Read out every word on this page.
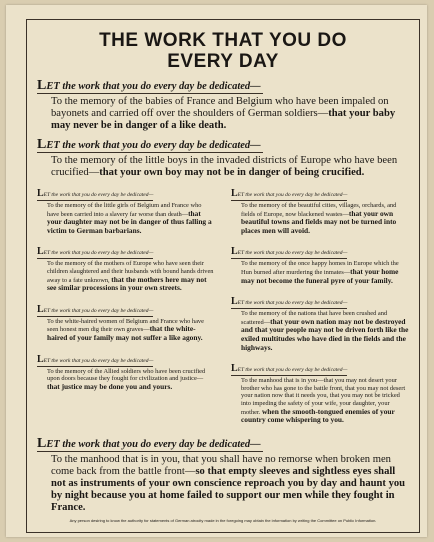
THE WORK THAT YOU DO
EVERY DAY
LET the work that you do every day be dedicated—
To the memory of the babies of France and Belgium who have been impaled on bayonets and carried off over the shoulders of German soldiers—that your baby may never be in danger of a like death.
LET the work that you do every day be dedicated—
To the memory of the little boys in the invaded districts of Europe who have been crucified—that your own boy may not be in danger of being crucified.
LET the work that you do every day be dedicated—
To the memory of the little girls of Belgium and France who have been carried into a slavery far worse than death—that your daughter may not be in danger of thus falling a victim to German barbarians.
LET the work that you do every day be dedicated—
To the memory of the mothers of Europe who have seen their children slaughtered and their husbands with bound hands driven away to a fate unknown, that the mothers here may not see similar processions in your own streets.
LET the work that you do every day be dedicated—
To the white-haired women of Belgium and France who have seen honest men dig their own graves—that the white-haired of your family may not suffer a like agony.
LET the work that you do every day be dedicated—
To the memory of the Allied soldiers who have been crucified upon doors because they fought for civilization and justice—that justice may be done you and yours.
LET the work that you do every day be dedicated—
To the memory of the beautiful cities, villages, orchards, and fields of Europe, now blackened wastes—that your own beautiful towns and fields may not be turned into places men will avoid.
LET the work that you do every day be dedicated—
To the memory of the once happy homes in Europe which the Hun burned after murdering the inmates—that your home may not become the funeral pyre of your family.
LET the work that you do every day be dedicated—
To the memory of the nations that have been crushed and scattered—that your own nation may not be destroyed and that your people may not be driven forth like the exiled multitudes who have died in the fields and the highways.
LET the work that you do every day be dedicated—
To the manhood that is in you—that you may not desert your brother who has gone to the battle front, that you may not desert your nation now that it needs you, that you may not be tricked into impeding the safety of your wife, your daughter, your mother. when the smooth-tongued enemies of your country come whispering to you.
LET the work that you do every day be dedicated—
To the manhood that is in you, that you shall have no remorse when broken men come back from the battle front—so that empty sleeves and sightless eyes shall not as instruments of your own conscience reproach you by day and haunt you by night because you at home failed to support our men while they fought in France.
Any person desiring to know the authority for statements of German atrocity made in the foregoing may obtain the information by writing the Committee on Public Information.
